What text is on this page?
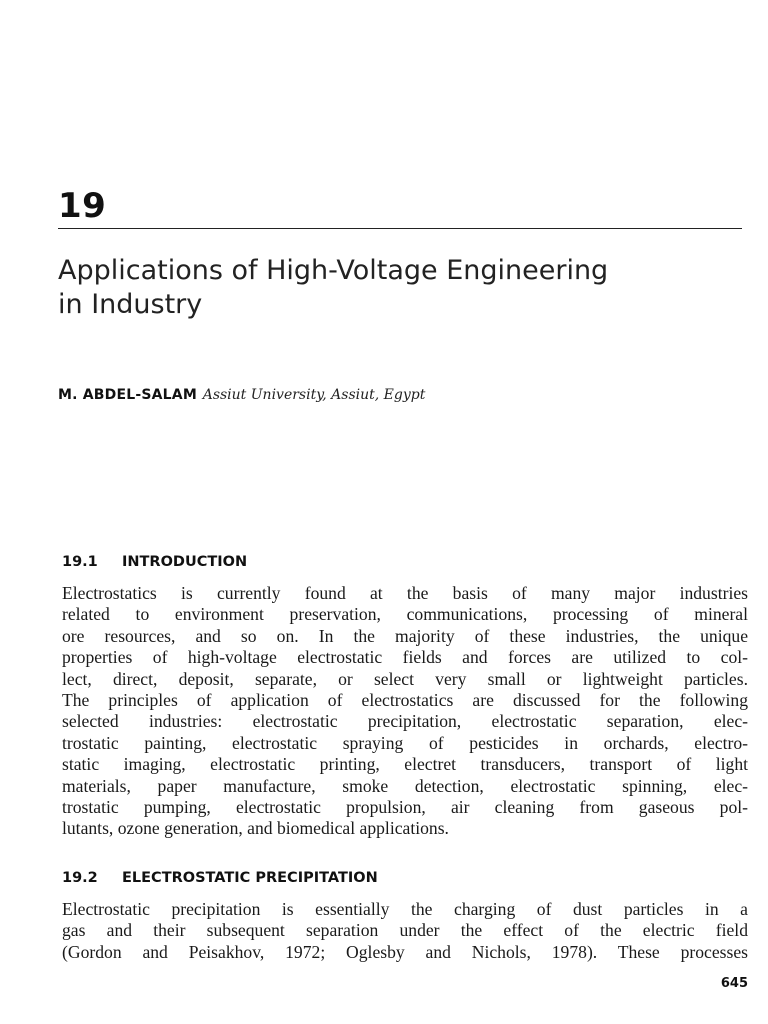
19
Applications of High-Voltage Engineering
in Industry
M. ABDEL-SALAM Assiut University, Assiut, Egypt
19.1 INTRODUCTION
Electrostatics is currently found at the basis of many major industries
related to environment preservation, communications, processing of mineral
ore resources, and so on. In the majority of these industries, the unique
properties of high-voltage electrostatic fields and forces are utilized to col-
lect, direct, deposit, separate, or select very small or lightweight particles.
The principles of application of electrostatics are discussed for the following
selected industries: electrostatic precipitation, electrostatic separation, elec-
trostatic painting, electrostatic spraying of pesticides in orchards, electro-
static imaging, electrostatic printing, electret transducers, transport of light
materials, paper manufacture, smoke detection, electrostatic spinning, elec-
trostatic pumping, electrostatic propulsion, air cleaning from gaseous pol-
lutants, ozone generation, and biomedical applications.
19.2 ELECTROSTATIC PRECIPITATION
Electrostatic precipitation is essentially the charging of dust particles in a
gas and their subsequent separation under the effect of the electric field
(Gordon and Peisakhov, 1972; Oglesby and Nichols, 1978). These processes
645
